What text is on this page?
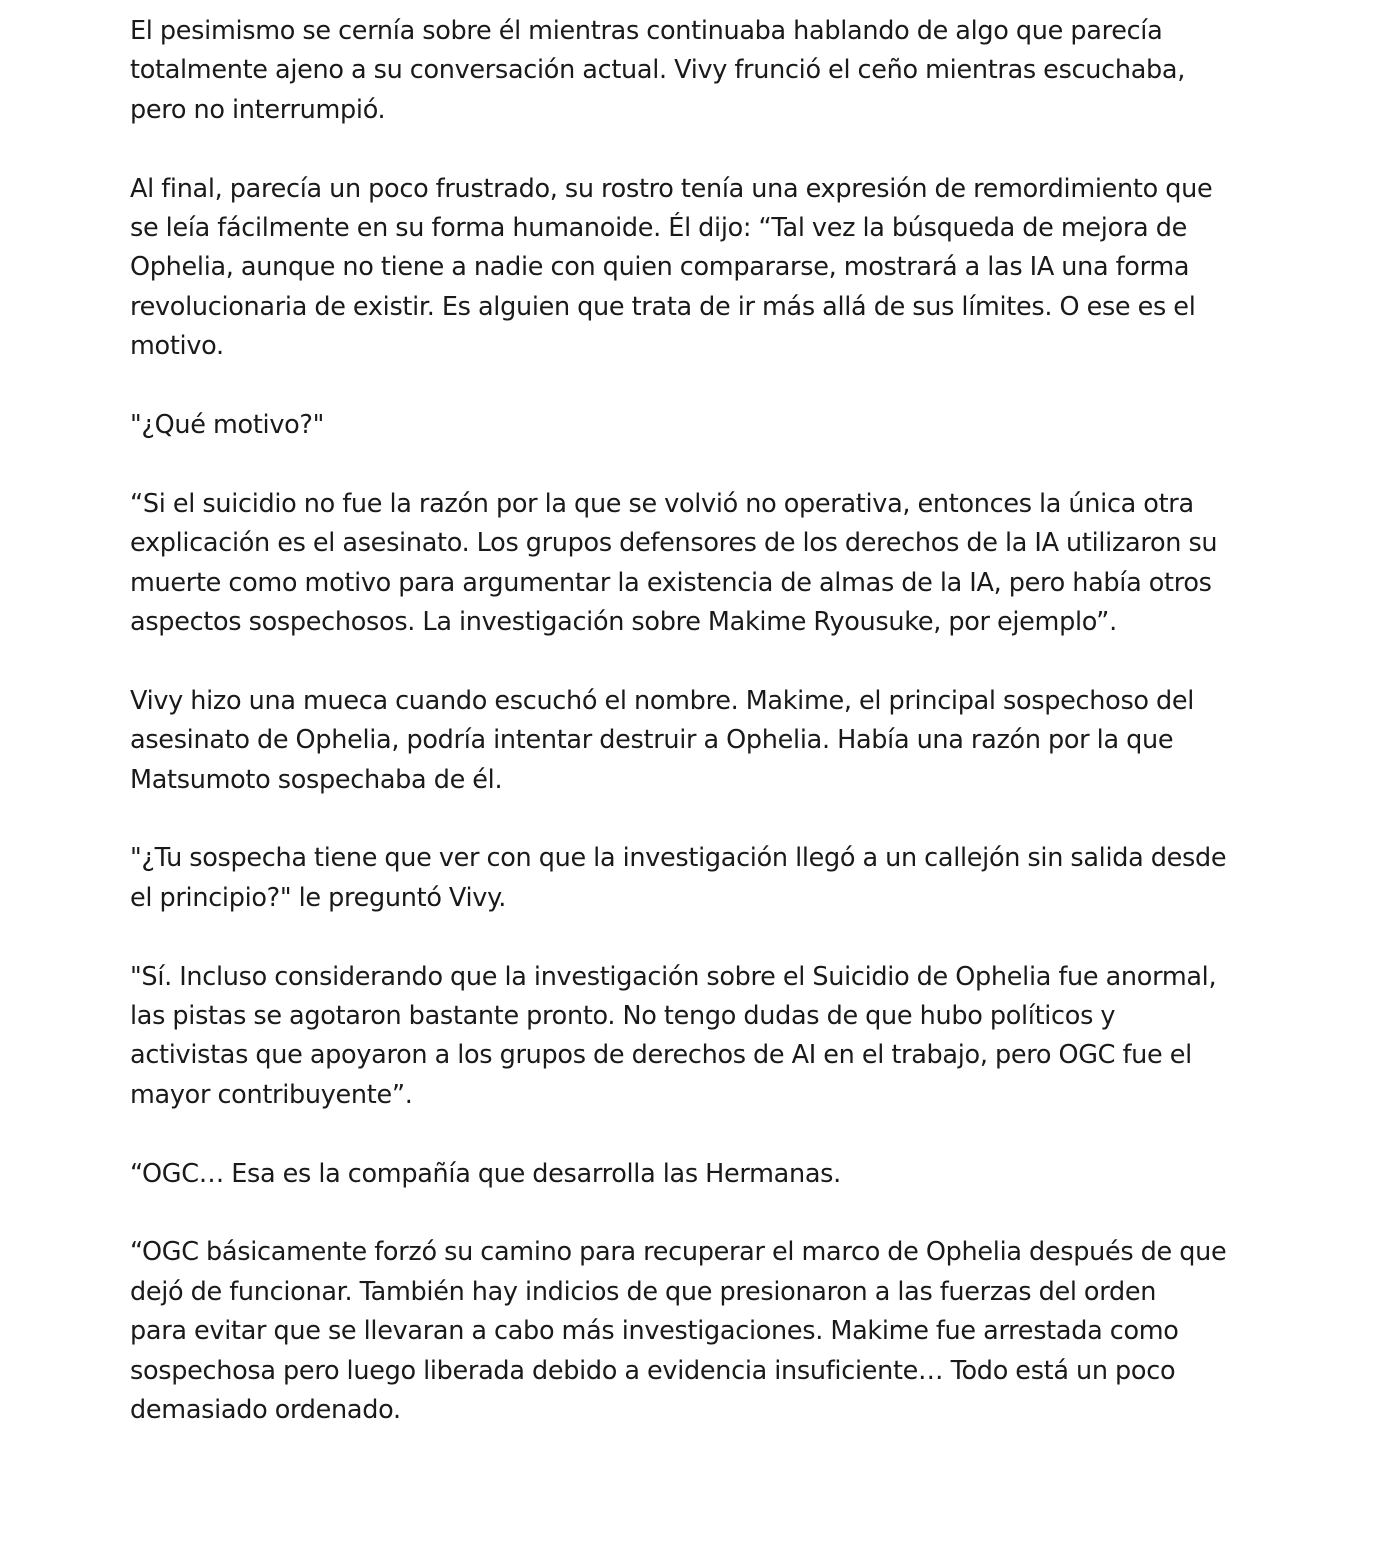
El pesimismo se cernía sobre él mientras continuaba hablando de algo que parecía
totalmente ajeno a su conversación actual. Vivy frunció el ceño mientras escuchaba,
pero no interrumpió.

Al final, parecía un poco frustrado, su rostro tenía una expresión de remordimiento que
se leía fácilmente en su forma humanoide. Él dijo: “Tal vez la búsqueda de mejora de
Ophelia, aunque no tiene a nadie con quien compararse, mostrará a las IA una forma
revolucionaria de existir. Es alguien que trata de ir más allá de sus límites. O ese es el
motivo.

"¿Qué motivo?"

“Si el suicidio no fue la razón por la que se volvió no operativa, entonces la única otra
explicación es el asesinato. Los grupos defensores de los derechos de la IA utilizaron su
muerte como motivo para argumentar la existencia de almas de la IA, pero había otros
aspectos sospechosos. La investigación sobre Makime Ryousuke, por ejemplo”.

Vivy hizo una mueca cuando escuchó el nombre. Makime, el principal sospechoso del
asesinato de Ophelia, podría intentar destruir a Ophelia. Había una razón por la que
Matsumoto sospechaba de él.

"¿Tu sospecha tiene que ver con que la investigación llegó a un callejón sin salida desde
el principio?" le preguntó Vivy.

"Sí. Incluso considerando que la investigación sobre el Suicidio de Ophelia fue anormal,
las pistas se agotaron bastante pronto. No tengo dudas de que hubo políticos y
activistas que apoyaron a los grupos de derechos de AI en el trabajo, pero OGC fue el
mayor contribuyente”.

“OGC… Esa es la compañía que desarrolla las Hermanas.

“OGC básicamente forzó su camino para recuperar el marco de Ophelia después de que
dejó de funcionar. También hay indicios de que presionaron a las fuerzas del orden
para evitar que se llevaran a cabo más investigaciones. Makime fue arrestada como
sospechosa pero luego liberada debido a evidencia insuficiente… Todo está un poco
demasiado ordenado.
